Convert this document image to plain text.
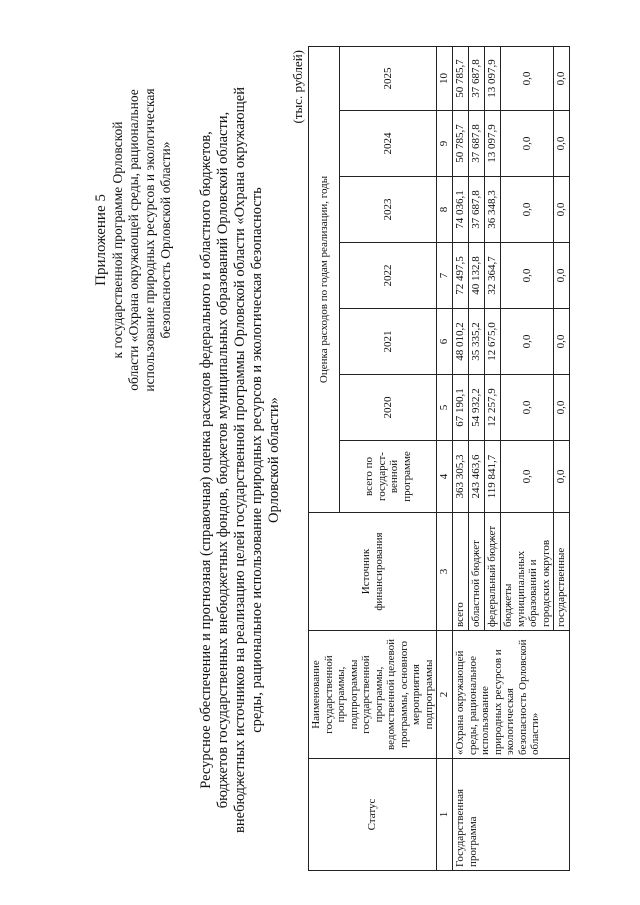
Приложение 5 к государственной программе Орловской области «Охрана окружающей среды, рациональное использование природных ресурсов и экологическая безопасность Орловской области» Ресурсное обеспечение и прогнозная (справочная) оценка расходов федерального и областного бюджетов, бюджетов государственных внебюджетных фондов, бюджетов муниципальных образований Орловской области, внебюджетных источников на реализацию целей государственной программы Орловской области «Охрана окружающей среды, рациональное использование природных ресурсов и экологическая безопасность Орловской области»
(тыс. рублей)
Статус	Наименование государственной программы, подпрограммы государственной программы, ведомственной целевой программы, основного мероприятия подпрограммы	Источник финансирования	Оценка расходов по годам реализации, годы						
			всего по государст-венной программе	2020	2021	2022	2023	2024	2025

1	2	3	4	5	6	7	8	9	10
Государственная программа	«Охрана окружающей среды, рациональное использование природных ресурсов и экологическая безопасность Орловской области»	всего	363 305,3	67 190,1	48 010,2	72 497,5	74 036,1	50 785,7	50 785,7
		областной бюджет	243 463,6	54 932,2	35 335,2	40 132,8	37 687,8	37 687,8	37 687,8
		федеральный бюджет	119 841,7	12 257,9	12 675,0	32 364,7	36 348,3	13 097,9	13 097,9
		бюджеты муниципальных образований и городских округов	0,0	0,0	0,0	0,0	0,0	0,0	0,0
		государственные	0,0	0,0	0,0	0,0	0,0	0,0	0,0
